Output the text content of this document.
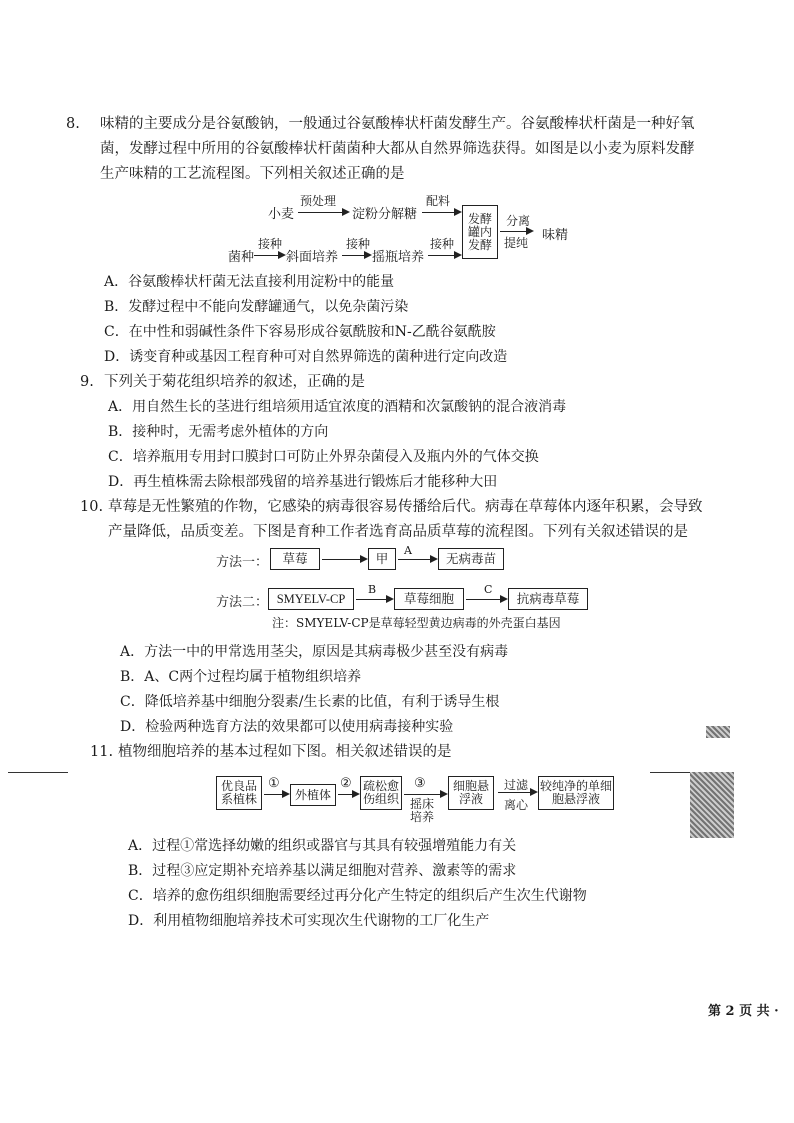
8. 味精的主要成分是谷氨酸钠，一般通过谷氨酸棒状杆菌发酵生产。谷氨酸棒状杆菌是一种好氧
菌，发酵过程中所用的谷氨酸棒状杆菌菌种大都从自然界筛选获得。如图是以小麦为原料发酵
生产味精的工艺流程图。下列相关叙述正确的是
小麦
预处理
淀粉分解糖
配料
发酵罐内发酵
分离
提纯 味精
菌种
接种
斜面培养
接种
摇瓶培养
接种
A．谷氨酸棒状杆菌无法直接利用淀粉中的能量
B．发酵过程中不能向发酵罐通气，以免杂菌污染
C．在中性和弱碱性条件下容易形成谷氨酰胺和N-乙酰谷氨酰胺
D．诱变育种或基因工程育种可对自然界筛选的菌种进行定向改造
9. 下列关于菊花组织培养的叙述，正确的是
A．用自然生长的茎进行组培须用适宜浓度的酒精和次氯酸钠的混合液消毒
B．接种时，无需考虑外植体的方向
C．培养瓶用专用封口膜封口可防止外界杂菌侵入及瓶内外的气体交换
D．再生植株需去除根部残留的培养基进行锻炼后才能移种大田
10. 草莓是无性繁殖的作物，它感染的病毒很容易传播给后代。病毒在草莓体内逐年积累，会导致
产量降低，品质变差。下图是育种工作者选育高品质草莓的流程图。下列有关叙述错误的是
方法一：	草莓	甲
A
无病毒苗
方法二： SMYELV-CP
B
草莓细胞
C
抗病毒草莓
注：SMYELV-CP是草莓轻型黄边病毒的外壳蛋白基因
A．方法一中的甲常选用茎尖，原因是其病毒极少甚至没有病毒
B．A、C两个过程均属于植物组织培养
C．降低培养基中细胞分裂素/生长素的比值，有利于诱导生根
D．检验两种选育方法的效果都可以使用病毒接种实验
11. 植物细胞培养的基本过程如下图。相关叙述错误的是
优良品系植株
①
外植体
② 疏松愈伤组织
③
摇床培养
细胞悬浮液
过滤
离心
较纯净的单细胞悬浮液
A．过程①常选择幼嫩的组织或器官与其具有较强增殖能力有关
B．过程③应定期补充培养基以满足细胞对营养、激素等的需求
C．培养的愈伤组织细胞需要经过再分化产生特定的组织后产生次生代谢物
D．利用植物细胞培养技术可实现次生代谢物的工厂化生产
第 2 页 共 ·
